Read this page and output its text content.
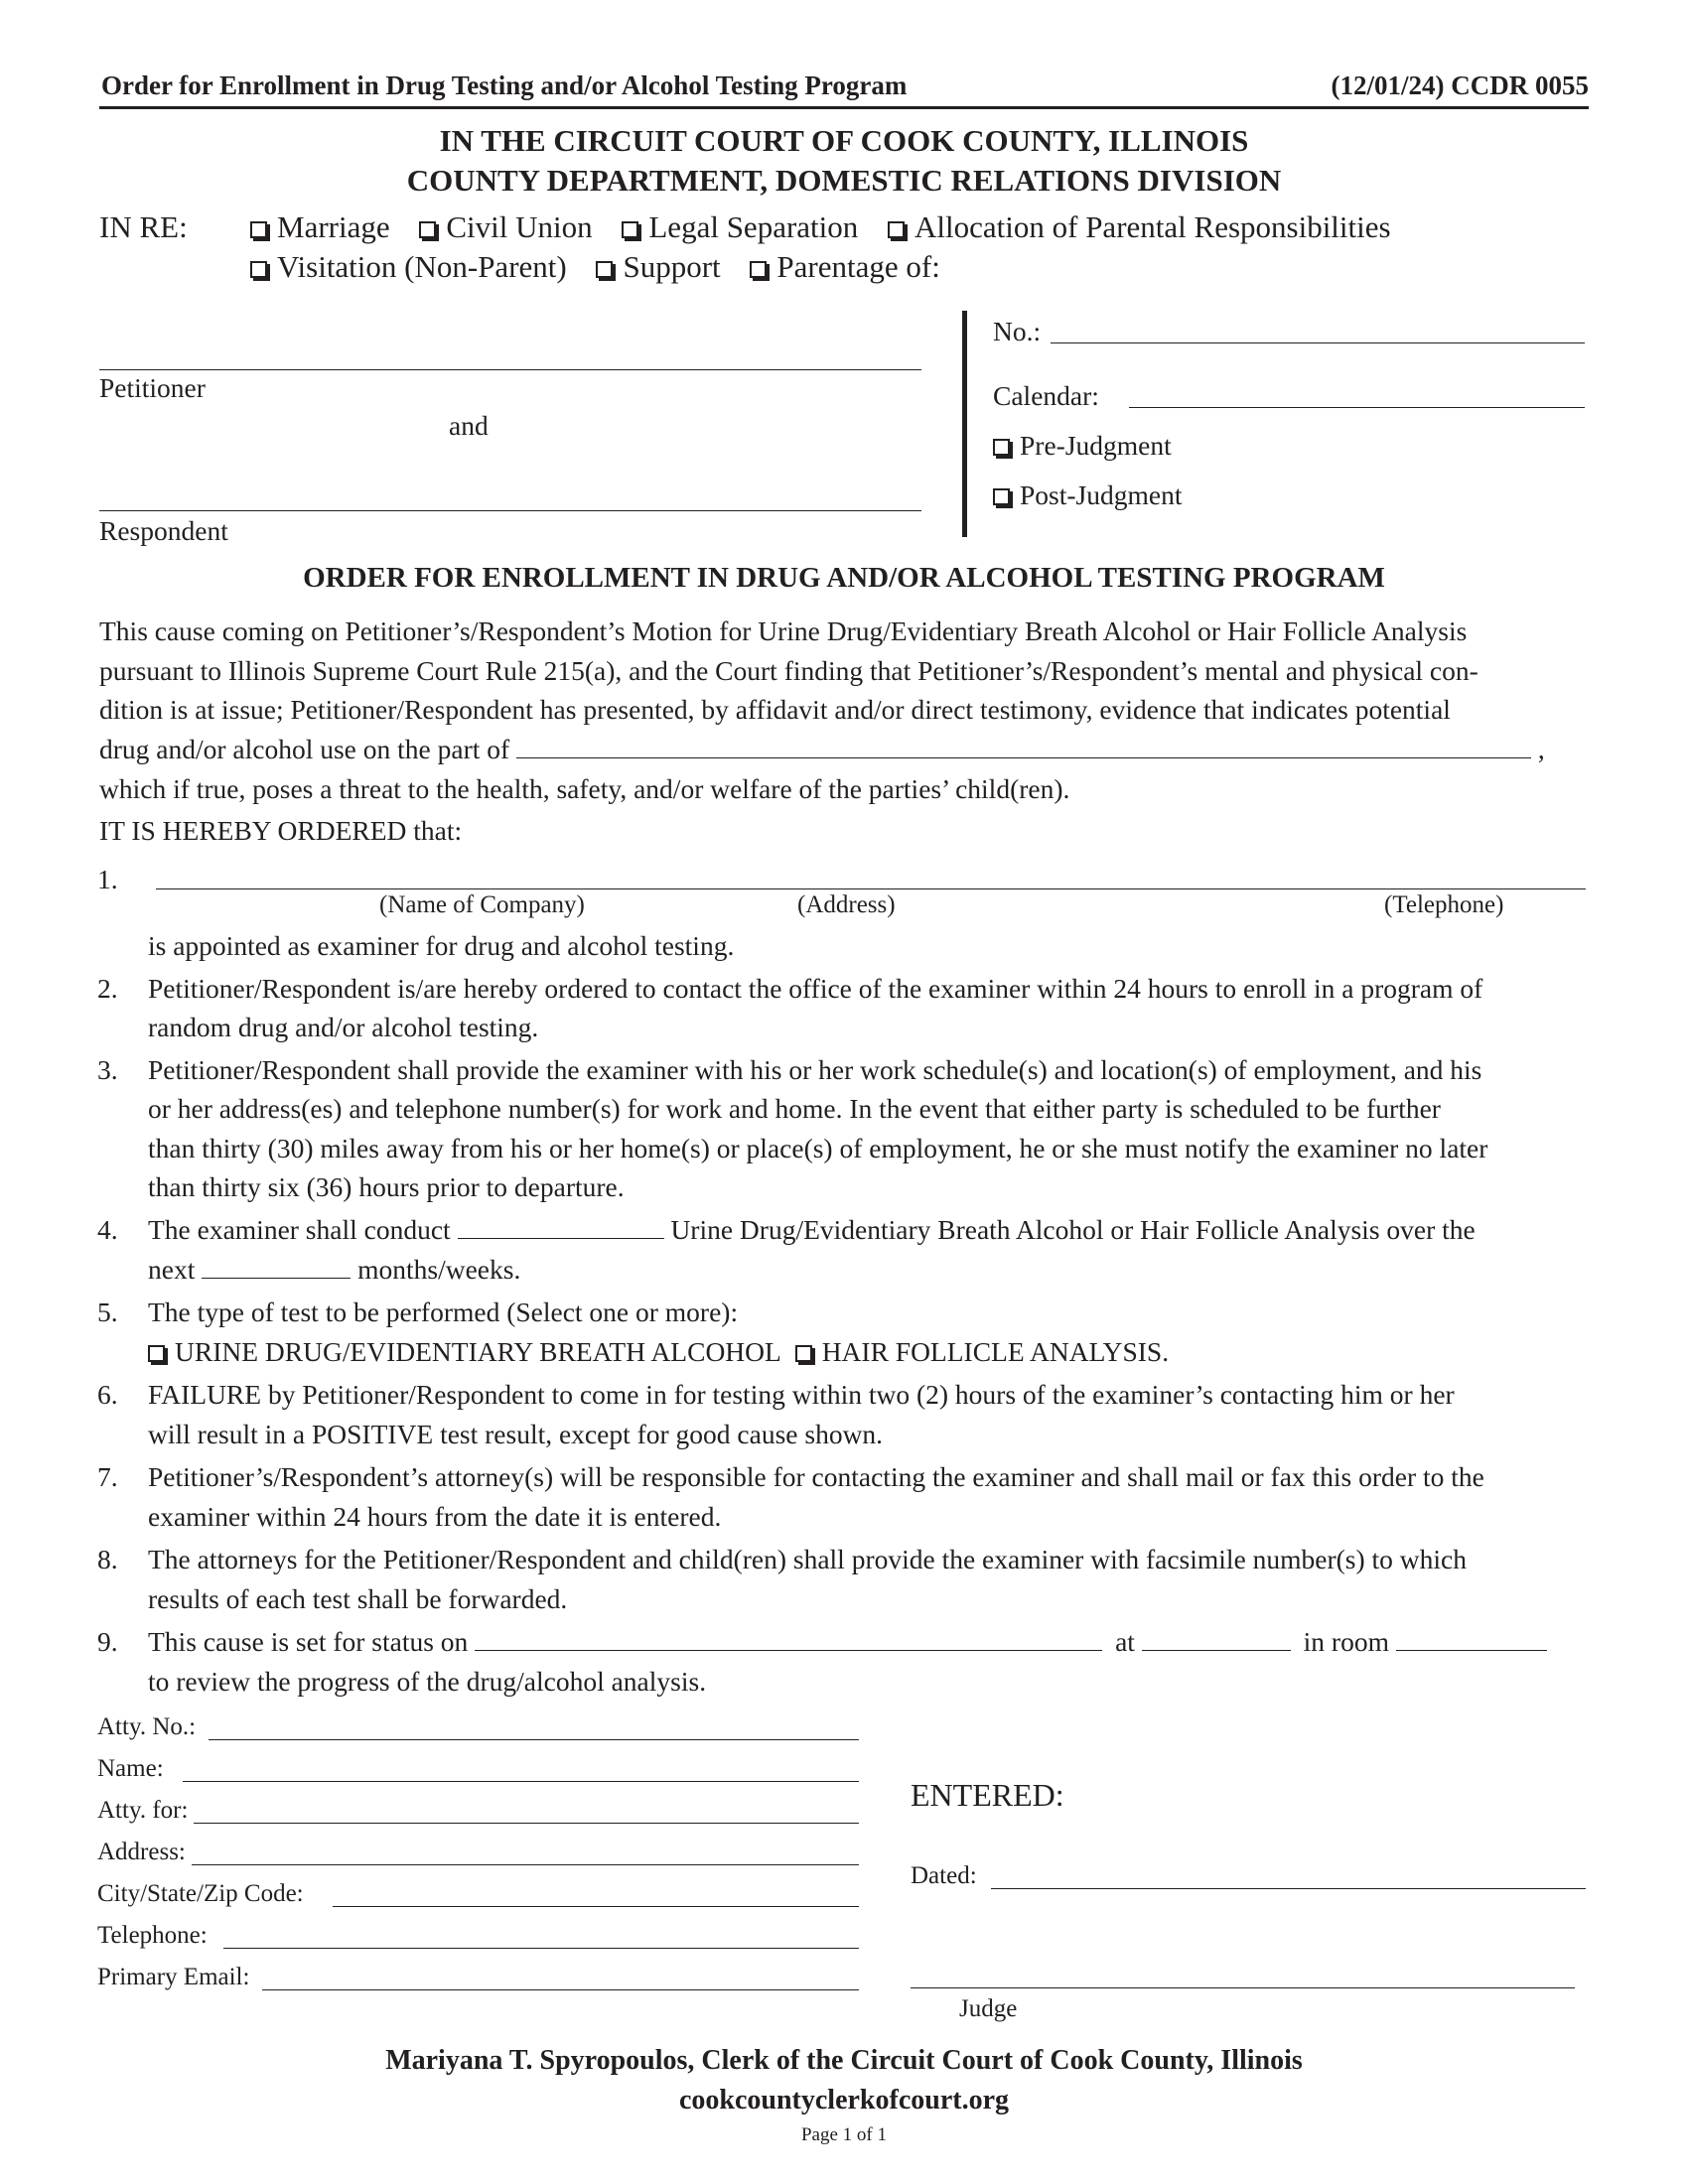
Order for Enrollment in Drug Testing and/or Alcohol Testing Program	(12/01/24) CCDR 0055
IN THE CIRCUIT COURT OF COOK COUNTY, ILLINOIS
COUNTY DEPARTMENT, DOMESTIC RELATIONS DIVISION
IN RE:	Marriage Civil Union Legal Separation Allocation of Parental Responsibilities
Visitation (Non-Parent) Support Parentage of:
Petitioner
and
Respondent
No.:
Calendar:
Pre-Judgment
Post-Judgment
ORDER FOR ENROLLMENT IN DRUG AND/OR ALCOHOL TESTING PROGRAM
This cause coming on Petitioner’s/Respondent’s Motion for Urine Drug/Evidentiary Breath Alcohol or Hair Follicle Analysis
pursuant to Illinois Supreme Court Rule 215(a), and the Court finding that Petitioner’s/Respondent’s mental and physical con-
dition is at issue; Petitioner/Respondent has presented, by affidavit and/or direct testimony, evidence that indicates potential
drug and/or alcohol use on the part of	,
which if true, poses a threat to the health, safety, and/or welfare of the parties’ child(ren).
IT IS HEREBY ORDERED that:
1.
(Name of Company)	(Address)	(Telephone)
is appointed as examiner for drug and alcohol testing.
2. Petitioner/Respondent is/are hereby ordered to contact the office of the examiner within 24 hours to enroll in a program of
random drug and/or alcohol testing.
3. Petitioner/Respondent shall provide the examiner with his or her work schedule(s) and location(s) of employment, and his
or her address(es) and telephone number(s) for work and home. In the event that either party is scheduled to be further
than thirty (30) miles away from his or her home(s) or place(s) of employment, he or she must notify the examiner no later
than thirty six (36) hours prior to departure.
4. The examiner shall conduct	Urine Drug/Evidentiary Breath Alcohol or Hair Follicle Analysis over the
next	months/weeks.
5. The type of test to be performed (Select one or more):
URINE DRUG/EVIDENTIARY BREATH ALCOHOL HAIR FOLLICLE ANALYSIS.
6. FAILURE by Petitioner/Respondent to come in for testing within two (2) hours of the examiner’s contacting him or her
will result in a POSITIVE test result, except for good cause shown.
7. Petitioner’s/Respondent’s attorney(s) will be responsible for contacting the examiner and shall mail or fax this order to the
examiner within 24 hours from the date it is entered.
8. The attorneys for the Petitioner/Respondent and child(ren) shall provide the examiner with facsimile number(s) to which
results of each test shall be forwarded.
9. This cause is set for status on	at	in room
to review the progress of the drug/alcohol analysis.
Atty. No.:
Name:
Atty. for:
Address:
City/State/Zip Code:
Telephone:
Primary Email:
ENTERED:
Dated:
Judge
Mariyana T. Spyropoulos, Clerk of the Circuit Court of Cook County, Illinois
cookcountyclerkofcourt.org
Page 1 of 1
